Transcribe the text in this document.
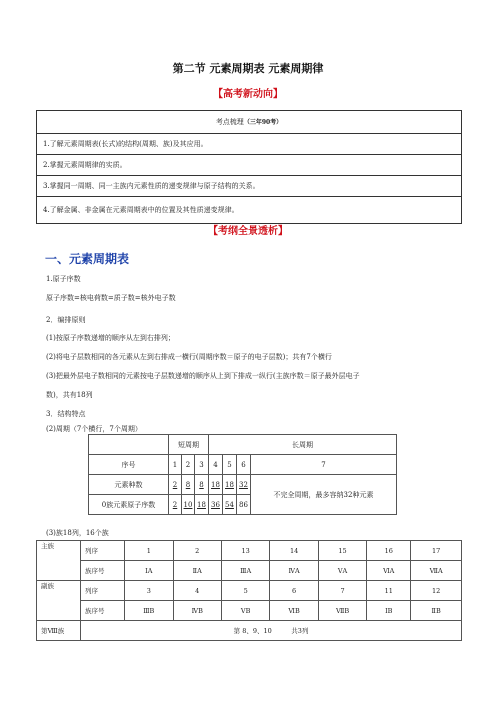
第二节 元素周期表 元素周期律
【高考新动向】
考点梳理（三年90考）
1.了解元素周期表(长式)的结构(周期、族)及其应用。
2.掌握元素周期律的实质。
3.掌握同一周期、同一主族内元素性质的递变规律与原子结构的关系。
4.了解金属、非金属在元素周期表中的位置及其性质递变规律。
【考纲全景透析】
一、元素周期表
1.原子序数
原子序数=核电荷数=质子数=核外电子数
2．编排原则
(1)按原子序数递增的顺序从左到右排列；
(2)将电子层数相同的各元素从左到右排成一横行(周期序数＝原子的电子层数)；共有7个横行
(3)把最外层电子数相同的元素按电子层数递增的顺序从上到下排成一纵行(主族序数＝原子最外层电子
数)，共有18列
3．结构特点
(2)周期（7个横行，7个周期）
	短周期			长周期			
序号	1	2	3	4	5	6	7
元素种数	2	8	8	18	18	32	不完全周期，最多容纳32种元素
0族元素原子序数	2	10	18	36	54	86	
(3)族18列，16个族
主族	列序	1	2	13	14	15	16	17
	族序号	ⅠA	ⅡA	ⅢA	ⅣA	ⅤA	ⅥA	ⅦA
副族	列序	3	4	5	6	7	11	12
	族序号	ⅢB	ⅣB	ⅤB	ⅥB	ⅦB	ⅠB	ⅡB
第Ⅷ族	第 8、9、10　　　共3列							
